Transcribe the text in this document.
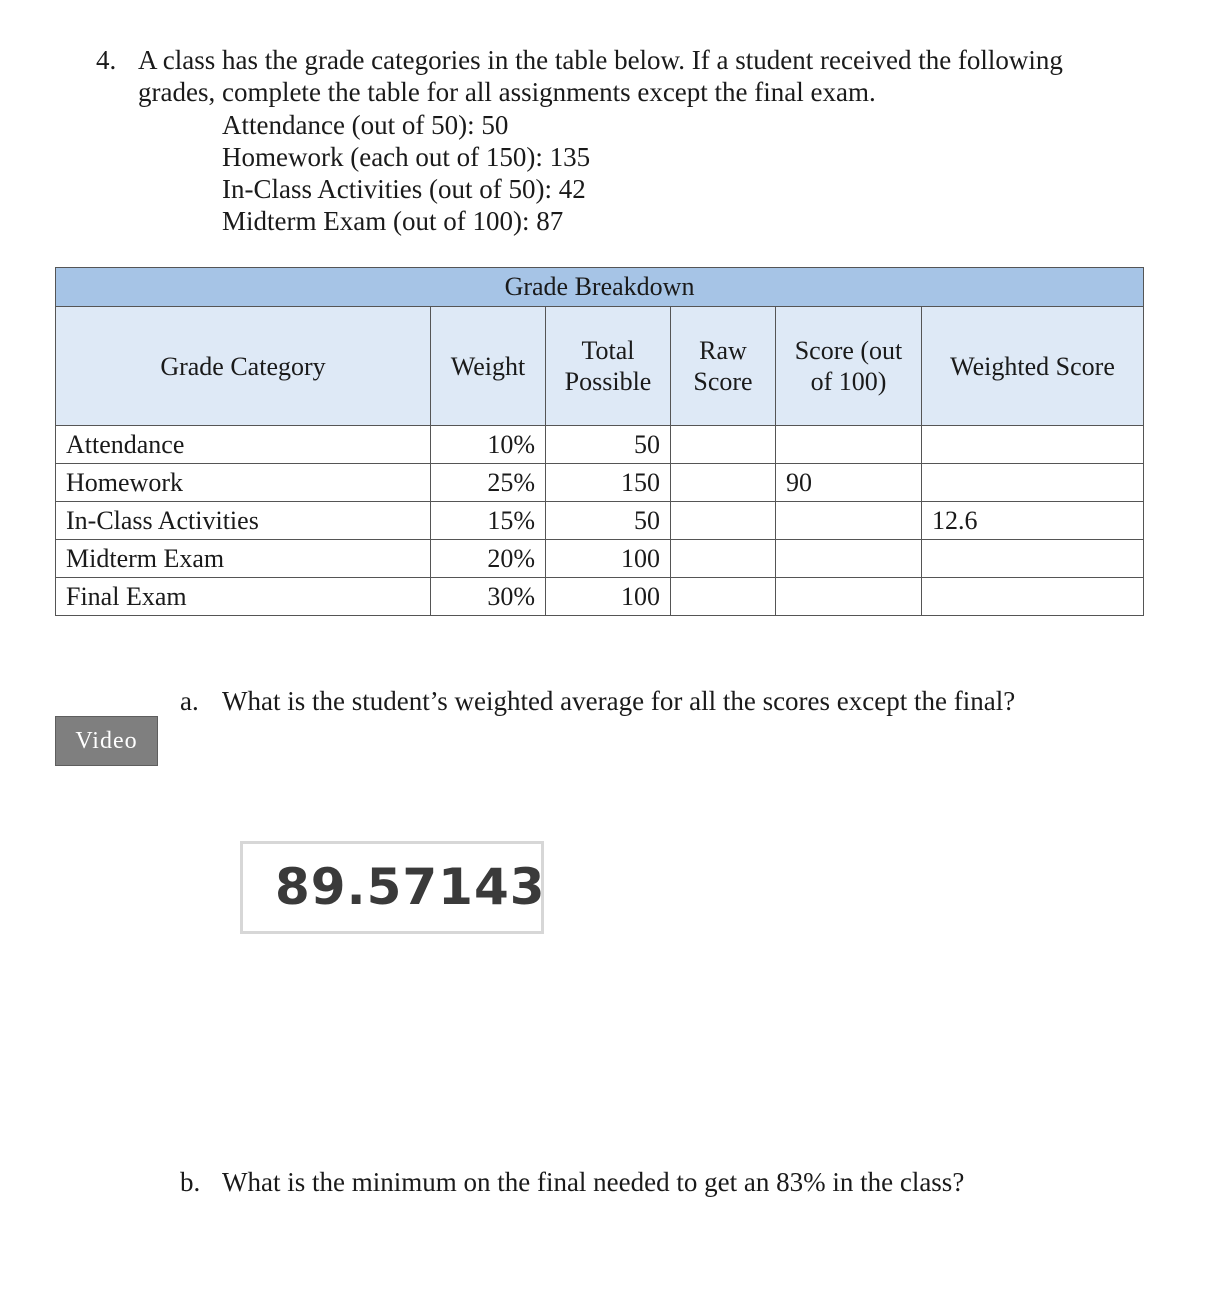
4. A class has the grade categories in the table below. If a student received the following grades, complete the table for all assignments except the final exam.
Attendance (out of 50): 50
Homework (each out of 150): 135
In-Class Activities (out of 50): 42
Midterm Exam (out of 100): 87
Grade Breakdown					
Grade Category	Weight	Total Possible	Raw Score	Score (out of 100)	Weighted Score
Attendance	10%	50			
Homework	25%	150		90	
In-Class Activities	15%	50			12.6
Midterm Exam	20%	100			
Final Exam	30%	100			
a. What is the student’s weighted average for all the scores except the final?
Video
89.57143
b. What is the minimum on the final needed to get an 83% in the class?
